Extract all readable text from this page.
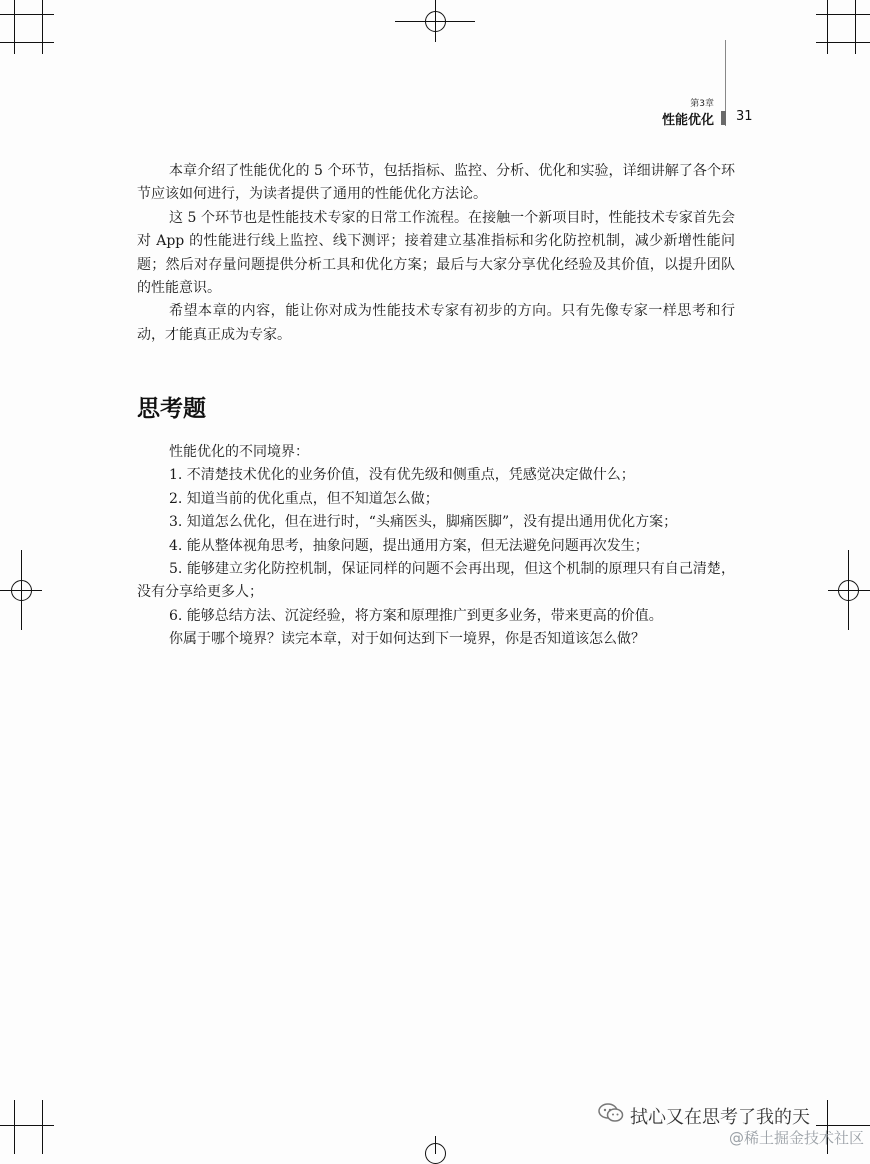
第3章
性能优化 31

本章介绍了性能优化的 5 个环节，包括指标、监控、分析、优化和实验，详细讲解了各个环节应该如何进行，为读者提供了通用的性能优化方法论。

这 5 个环节也是性能技术专家的日常工作流程。在接触一个新项目时，性能技术专家首先会对 App 的性能进行线上监控、线下测评；接着建立基准指标和劣化防控机制，减少新增性能问题；然后对存量问题提供分析工具和优化方案；最后与大家分享优化经验及其价值，以提升团队的性能意识。

希望本章的内容，能让你对成为性能技术专家有初步的方向。只有先像专家一样思考和行动，才能真正成为专家。

思考题

性能优化的不同境界：

1. 不清楚技术优化的业务价值，没有优先级和侧重点，凭感觉决定做什么；

2. 知道当前的优化重点，但不知道怎么做；

3. 知道怎么优化，但在进行时，“头痛医头，脚痛医脚”，没有提出通用优化方案；

4. 能从整体视角思考，抽象问题，提出通用方案，但无法避免问题再次发生；

5. 能够建立劣化防控机制，保证同样的问题不会再出现，但这个机制的原理只有自己清楚，没有分享给更多人；

6. 能够总结方法、沉淀经验，将方案和原理推广到更多业务，带来更高的价值。

你属于哪个境界？读完本章，对于如何达到下一境界，你是否知道该怎么做？

拭心又在思考了我的天
@稀土掘金技术社区
